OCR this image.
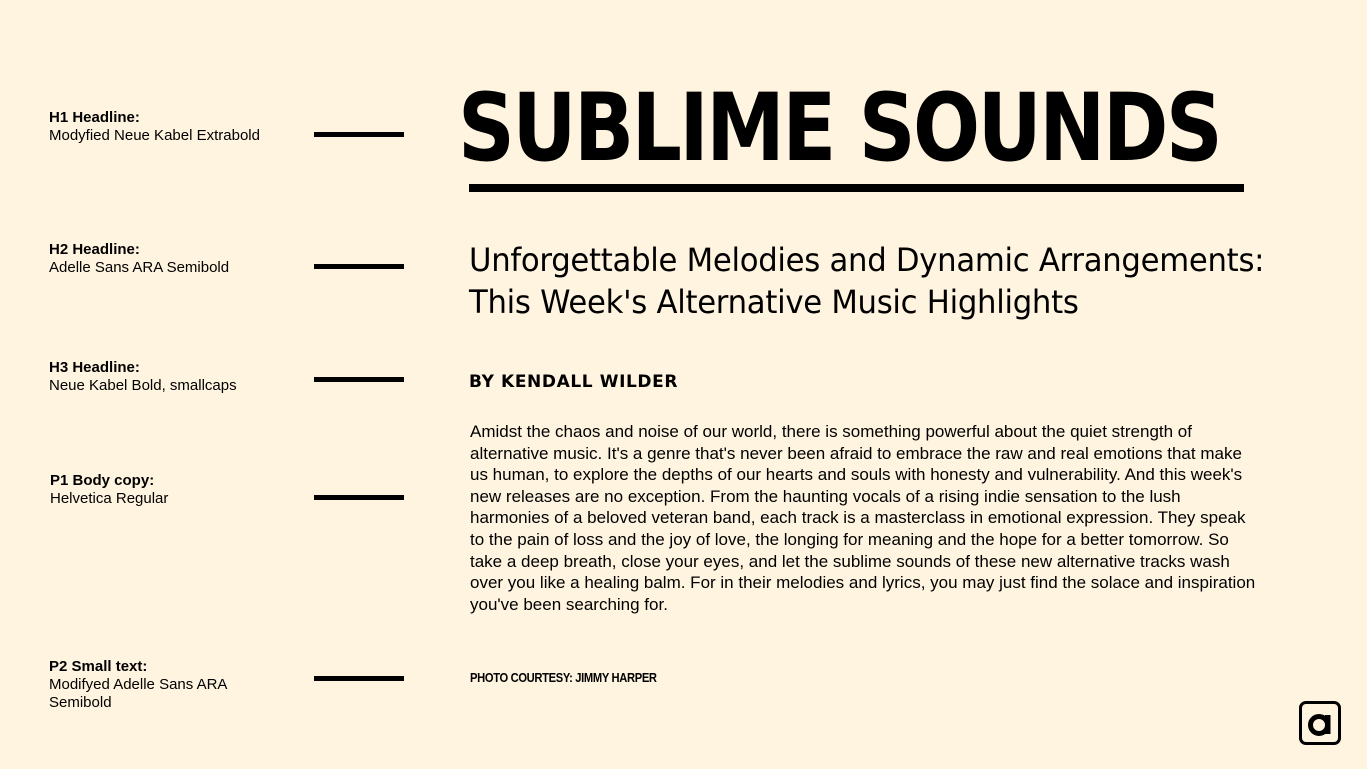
H1 Headline:
Modyfied Neue Kabel Extrabold
H2 Headline:
Adelle Sans ARA Semibold
H3 Headline:
Neue Kabel Bold, smallcaps
P1 Body copy:
Helvetica Regular
P2 Small text:
Modifyed Adelle Sans ARA Semibold
SUBLIME SOUNDS
Unforgettable Melodies and Dynamic Arrangements:
This Week's Alternative Music Highlights
BY KENDALL WILDER

Amidst the chaos and noise of our world, there is something powerful about the quiet strength of alternative music. It's a genre that's never been afraid to embrace the raw and real emotions that make us human, to explore the depths of our hearts and souls with honesty and vulnerability. And this week's new releases are no exception. From the haunting vocals of a rising indie sensation to the lush harmonies of a beloved veteran band, each track is a masterclass in emotional expression. They speak to the pain of loss and the joy of love, the longing for meaning and the hope for a better tomorrow. So take a deep breath, close your eyes, and let the sublime sounds of these new alternative tracks wash over you like a healing balm. For in their melodies and lyrics, you may just find the solace and inspiration you've been searching for.

PHOTO COURTESY: JIMMY HARPER
